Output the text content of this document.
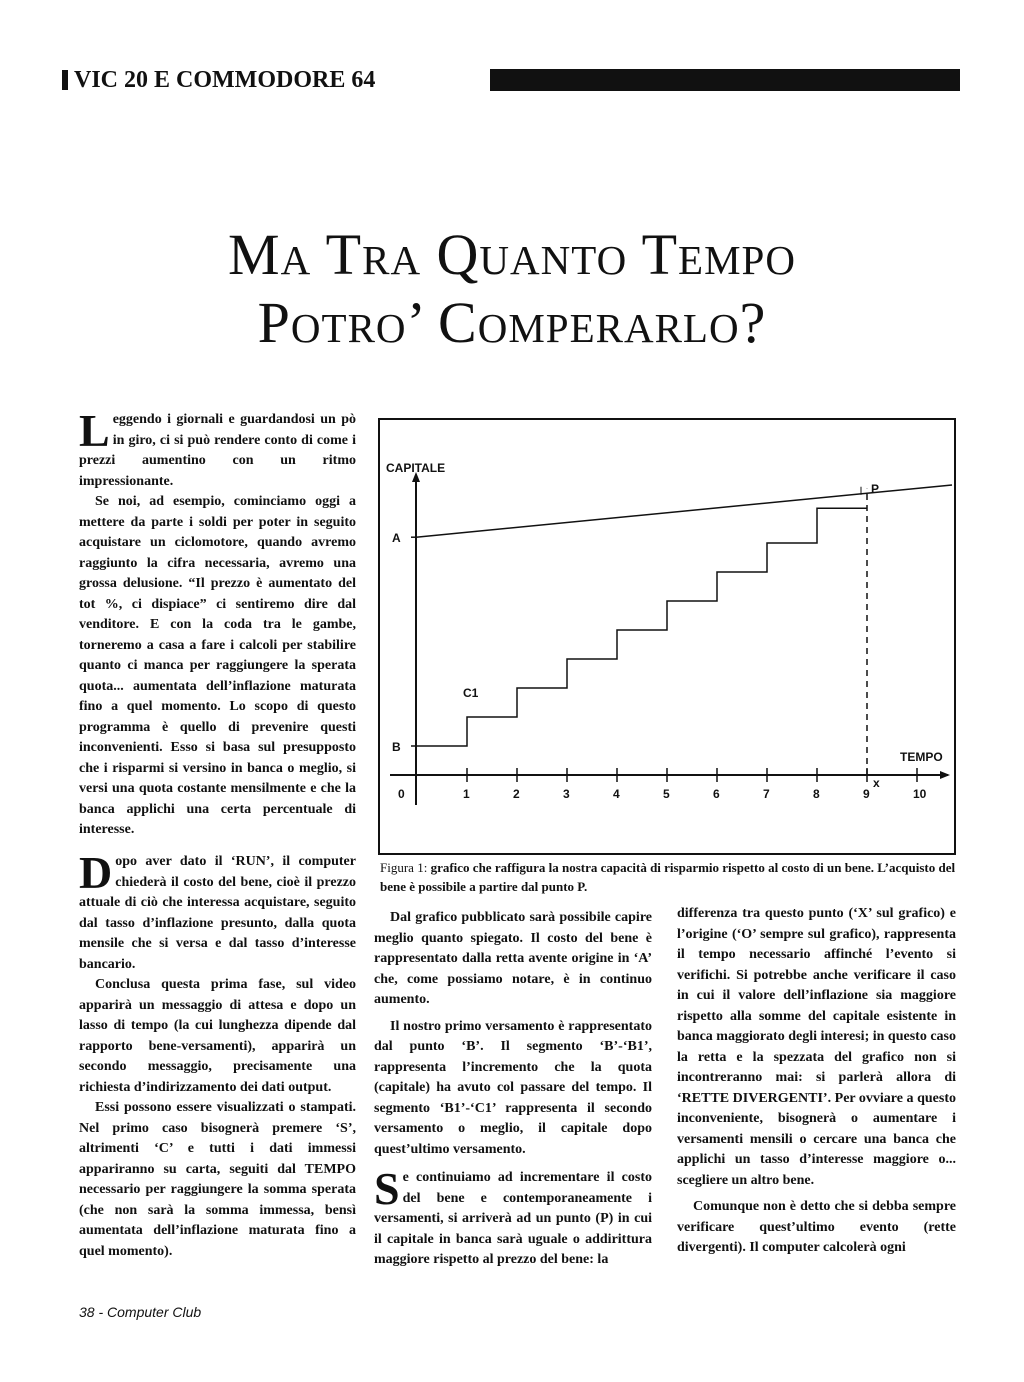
VIC 20 E COMMODORE 64
Ma Tra Quanto Tempo
Potro’ Comperarlo?
L eggendo i giornali e guardandosi un pò in giro, ci si può rendere conto di come i prezzi aumentino con un ritmo impressionante.

Se noi, ad esempio, cominciamo oggi a mettere da parte i soldi per poter in seguito acquistare un ciclomotore, quando avremo raggiunto la cifra necessaria, avremo una grossa delusione. “Il prezzo è aumentato del tot %, ci dispiace” ci sentiremo dire dal venditore. E con la coda tra le gambe, torneremo a casa a fare i calcoli per stabilire quanto ci manca per raggiungere la sperata quota... aumentata dell’inflazione maturata fino a quel momento. Lo scopo di questo programma è quello di prevenire questi inconvenienti. Esso si basa sul presupposto che i risparmi si versino in banca o meglio, si versi una quota costante mensilmente e che la banca applichi una certa percentuale di interesse.

D opo aver dato il ‘RUN’, il computer chiederà il costo del bene, cioè il prezzo attuale di ciò che interessa acquistare, seguito dal tasso d’inflazione presunto, dalla quota mensile che si versa e dal tasso d’interesse bancario.

Conclusa questa prima fase, sul video apparirà un messaggio di attesa e dopo un lasso di tempo (la cui lunghezza dipende dal rapporto bene-versamenti), apparirà un secondo messaggio, precisamente una richiesta d’indirizzamento dei dati output.

Essi possono essere visualizzati o stampati. Nel primo caso bisognerà premere ‘S’, altrimenti ‘C’ e tutti i dati immessi appariranno su carta, seguiti dal TEMPO necessario per raggiungere la somma sperata (che non sarà la somma immessa, bensì aumentata dell’inflazione maturata fino a quel momento).

CAPITALE
TEMPO
0	1	2	3	4	5	6	7	8	9	10
A
B
C1
P
x
Figura 1: grafico che raffigura la nostra capacità di risparmio rispetto al costo di un bene. L’acquisto del bene è possibile a partire dal punto P.

Dal grafico pubblicato sarà possibile capire meglio quanto spiegato. Il costo del bene è rappresentato dalla retta avente origine in ‘A’ che, come possiamo notare, è in continuo aumento.

Il nostro primo versamento è rappresentato dal punto ‘B’. Il segmento ‘B’-‘B1’, rappresenta l’incremento che la quota (capitale) ha avuto col passare del tempo. Il segmento ‘B1’-‘C1’ rappresenta il secondo versamento o meglio, il capitale dopo quest’ultimo versamento.

S e continuiamo ad incrementare il costo del bene e contemporaneamente i versamenti, si arriverà ad un punto (P) in cui il capitale in banca sarà uguale o addirittura maggiore rispetto al prezzo del bene: la

differenza tra questo punto (‘X’ sul grafico) e l’origine (‘O’ sempre sul grafico), rappresenta il tempo necessario affinché l’evento si verifichi. Si potrebbe anche verificare il caso in cui il valore dell’inflazione sia maggiore rispetto alla somme del capitale esistente in banca maggiorato degli interesi; in questo caso la retta e la spezzata del grafico non si incontreranno mai: si parlerà allora di ‘RETTE DIVERGENTI’. Per ovviare a questo inconveniente, bisognerà o aumentare i versamenti mensili o cercare una banca che applichi un tasso d’interesse maggiore o... scegliere un altro bene.

Comunque non è detto che si debba sempre verificare quest’ultimo evento (rette divergenti). Il computer calcolerà ogni

38 - Computer Club
